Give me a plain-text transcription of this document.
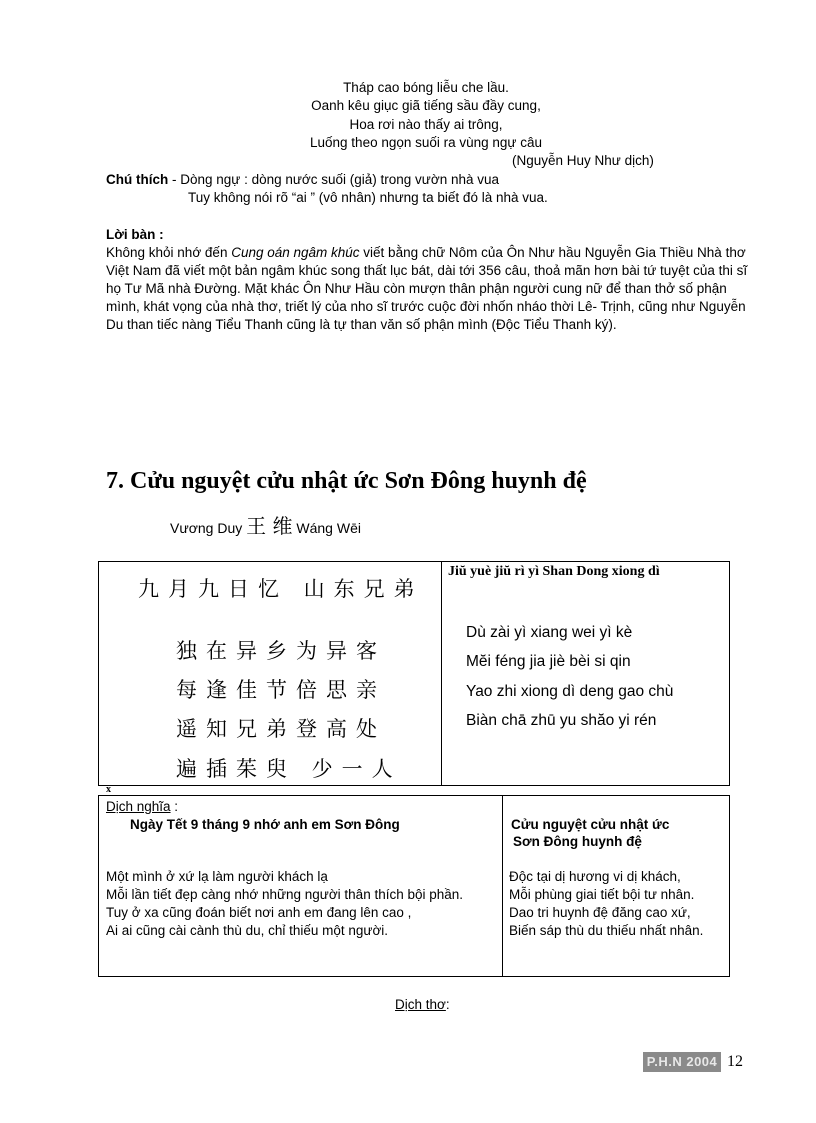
Tháp cao bóng liễu che lầu.
Oanh kêu giục giã tiếng sầu đầy cung,
Hoa rơi nào thấy ai trông,
Luống theo ngọn suối ra vùng ngự câu
(Nguyễn Huy Như dịch)
Chú thích - Dòng ngự : dòng nước suối (giả) trong vườn nhà vua
Tuy không nói rõ “ai ” (vô nhân) nhưng ta biết đó là nhà vua.
Lời bàn :
Không khỏi nhớ đến Cung oán ngâm khúc viết bằng chữ Nôm của Ôn Như hầu Nguyễn Gia Thiều Nhà thơ Việt Nam đã viết một bản ngâm khúc song thất lục bát, dài tới 356 câu, thoả mãn hơn bài tứ tuyệt của thi sĩ họ Tư Mã nhà Đường. Mặt khác Ôn Như Hầu còn mượn thân phận người cung nữ để than thở số phận mình, khát vọng của nhà thơ, triết lý của nho sĩ trước cuộc đời nhốn nháo thời Lê- Trịnh, cũng như Nguyễn Du than tiếc nàng Tiểu Thanh cũng là tự than văn số phận mình (Độc Tiểu Thanh ký).
7. Cửu nguyệt cửu nhật ức Sơn Đông huynh đệ
Vương Duy 王 维 Wáng Wēi
九月九日忆 山东兄弟
独在异乡为异客
每逢佳节倍思亲
遥知兄弟登高处
遍插茱臾 少一人
Jiŭ yuè jiŭ rì yì Shan Dong xiong dì
Dù zài yì xiang wei yì kè
Mĕi féng jia jiè bèi si qin
Yao zhi xiong dì deng gao chù
Biàn chā zhū yu shăo yi rén
x
Dịch nghĩa :
Ngày Tết 9 tháng 9 nhớ anh em Sơn Đông
Một mình ở xứ lạ làm người khách lạ
Mỗi lần tiết đẹp càng nhớ những người thân thích bội phần.
Tuy ở xa cũng đoán biết nơi anh em đang lên cao ,
Ai ai cũng cài cành thù du, chỉ thiếu một người.
Cửu nguyệt cửu nhật ức
Sơn Đông huynh đệ
Độc tại dị hương vi dị khách,
Mỗi phùng giai tiết bội tư nhân.
Dao tri huynh đệ đăng cao xứ,
Biến sáp thù du thiếu nhất nhân.
Dịch thơ:
P.H.N 2004 12
